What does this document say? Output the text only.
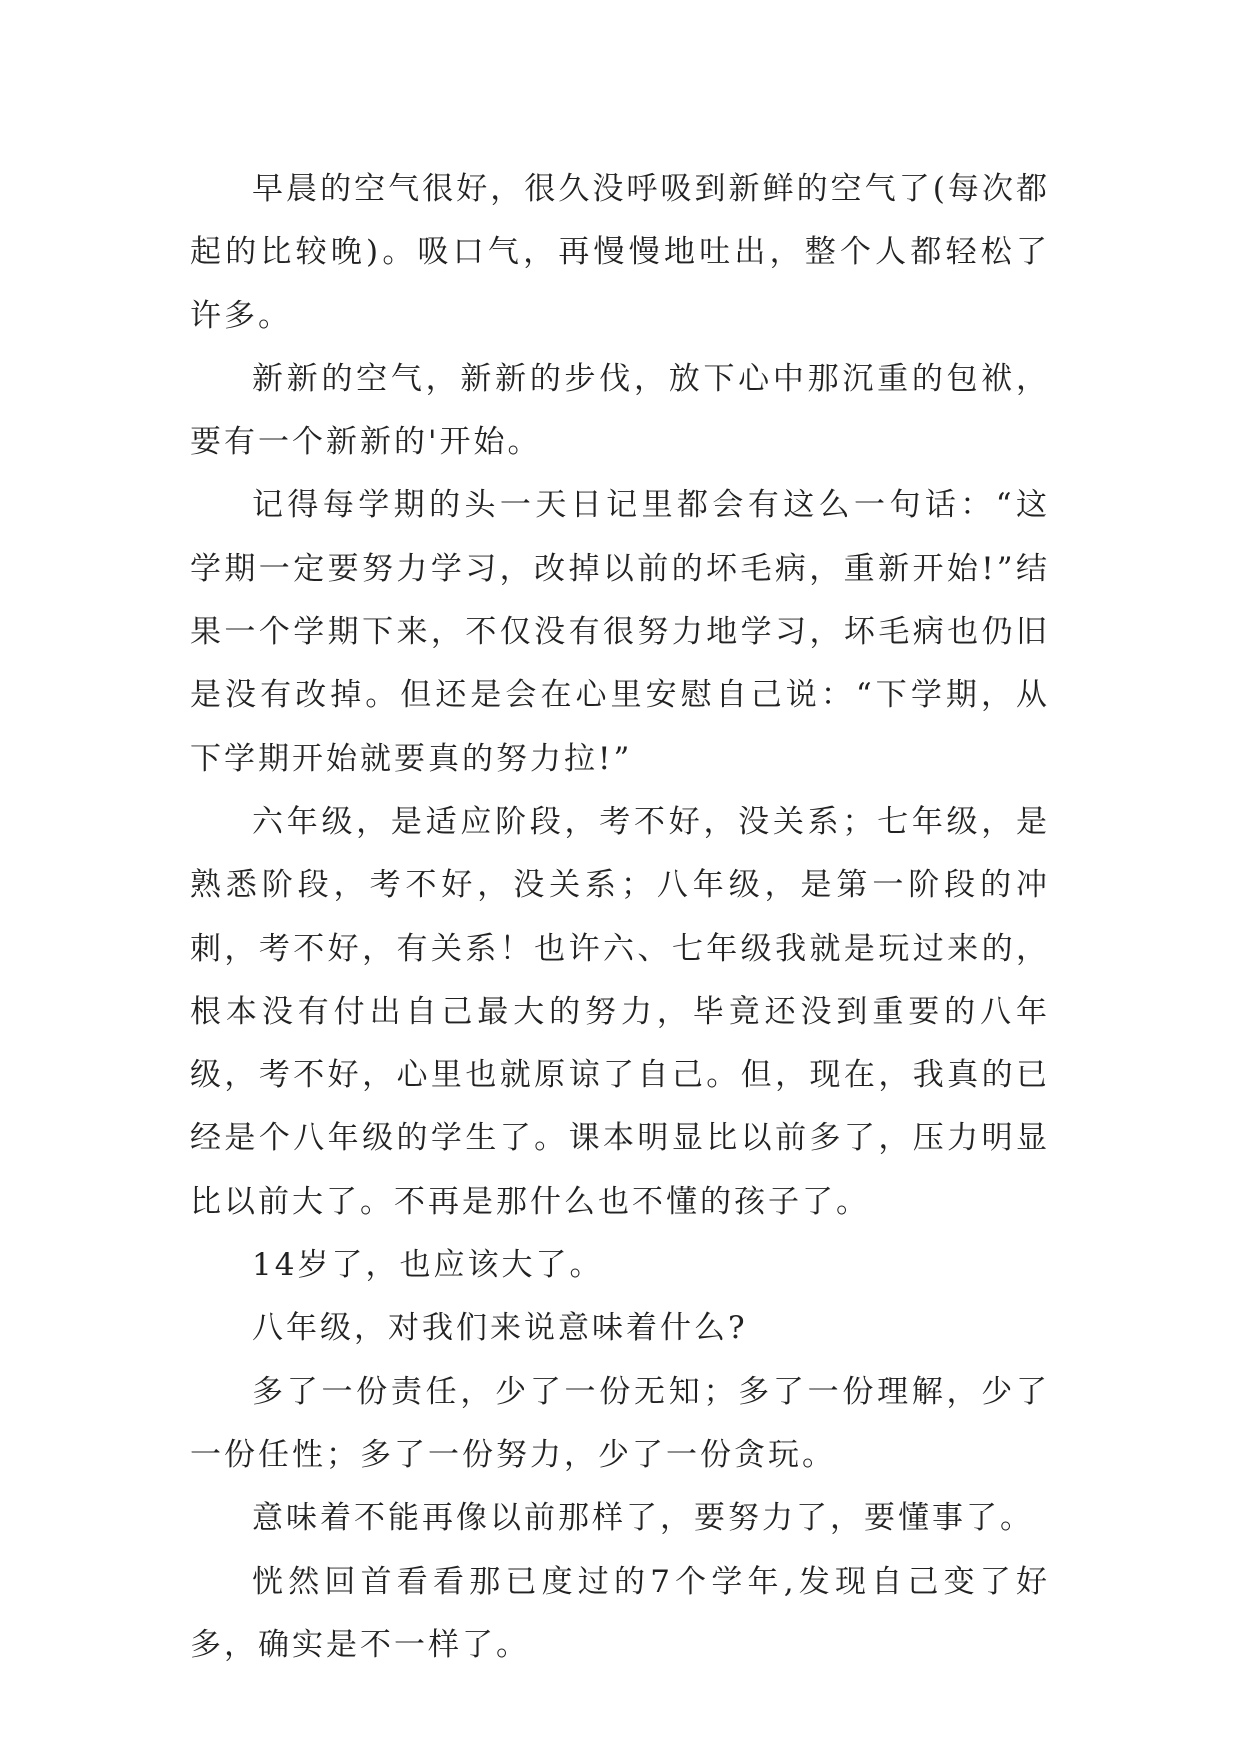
早晨的空气很好，很久没呼吸到新鲜的空气了(每次都起的比较晚)。吸口气，再慢慢地吐出，整个人都轻松了许多。

新新的空气，新新的步伐，放下心中那沉重的包袱，要有一个新新的'开始。

记得每学期的头一天日记里都会有这么一句话：“这学期一定要努力学习，改掉以前的坏毛病，重新开始!”结果一个学期下来，不仅没有很努力地学习，坏毛病也仍旧是没有改掉。但还是会在心里安慰自己说：“下学期，从下学期开始就要真的努力拉!”

六年级，是适应阶段，考不好，没关系；七年级，是熟悉阶段，考不好，没关系；八年级，是第一阶段的冲刺，考不好，有关系！也许六、七年级我就是玩过来的，根本没有付出自己最大的努力，毕竟还没到重要的八年级，考不好，心里也就原谅了自己。但，现在，我真的已经是个八年级的学生了。课本明显比以前多了，压力明显比以前大了。不再是那什么也不懂的孩子了。

14岁了，也应该大了。

八年级，对我们来说意味着什么?

多了一份责任，少了一份无知；多了一份理解，少了一份任性；多了一份努力，少了一份贪玩。

意味着不能再像以前那样了，要努力了，要懂事了。

恍然回首看看那已度过的7个学年,发现自己变了好多，确实是不一样了。
